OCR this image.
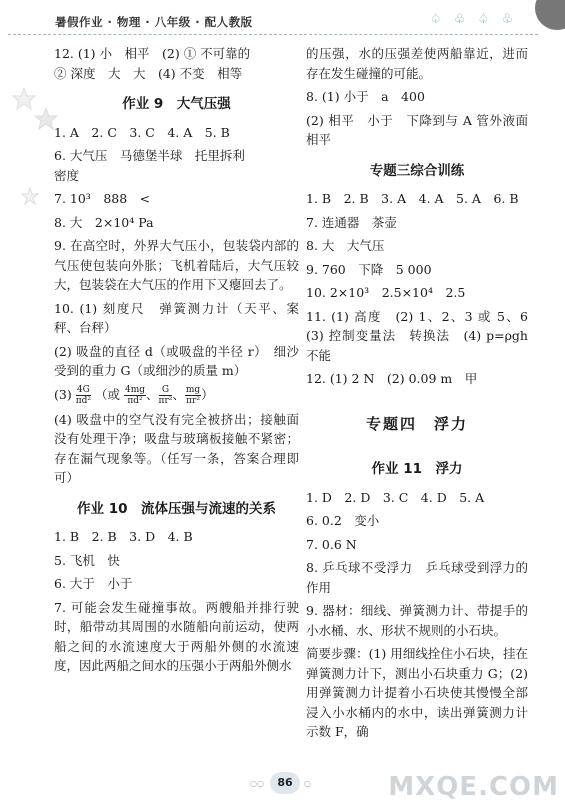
暑假作业 · 物理 · 八年级 · 配人教版	♤ ♧ ♤ ♧
12. (1) 小　相平　(2) ① 不可靠的
② 深度　大　大　(4) 不变　相等
作业 9　大气压强
1. A　2. C　3. C　4. A　5. B
6. 大气压　马德堡半球　托里拆利
密度
7. 10³　888　<
8. 大　2×10⁴ Pa
9. 在高空时，外界大气压小，包装袋内部的气压使包装向外胀；飞机着陆后，大气压较大，包装袋在大气压的作用下又瘪回去了。
10. (1) 刻度尺　弹簧测力计（天平、案秤、台秤）
(2) 吸盘的直径 d（或吸盘的半径 r）　细沙受到的重力 G（或细沙的质量 m）
$(3) \frac{4G}{\text{πd²}}$ （或 $\frac{4mg}{\text{πd²}}$ 、 $\frac{G}{\text{πr²}}$ 、 $\frac{mg}{\text{πr²}}$ ）
(4) 吸盘中的空气没有完全被挤出；接触面没有处理干净；吸盘与玻璃板接触不紧密；存在漏气现象等。（任写一条，答案合理即可）
作业 10　流体压强与流速的关系
1. B　2. B　3. D　4. B
5. 飞机　快
6. 大于　小于
7. 可能会发生碰撞事故。两艘船并排行驶时，船带动其周围的水随船向前运动，使两船之间的水流速度大于两船外侧的水流速度，因此两船之间水的压强小于两船外侧水
的压强，水的压强差使两船靠近，进而存在发生碰撞的可能。
8. (1) 小于　a　400
(2) 相平　小于　下降到与 A 管外液面相平
专题三综合训练
1. B　2. B　3. A　4. A　5. A　6. B
7. 连通器　茶壶
8. 大　大气压
9. 760　下降　5 000
10. 2×10³　2.5×10⁴　2.5
11. (1) 高度　(2) 1、2、3 或 5、6　(3) 控制变量法　转换法　(4) p=ρgh　不能
12. (1) 2 N　(2) 0.09 m　甲
专题四　浮力
作业 11　浮力
1. D　2. D　3. C　4. D　5. A
6. 0.2　变小
7. 0.6 N
8. 乒乓球不受浮力　乒乓球受到浮力的作用
9. 器材：细线、弹簧测力计、带提手的小水桶、水、形状不规则的小石块。
简要步骤：(1) 用细线拴住小石块，挂在弹簧测力计下，测出小石块重力 G；(2) 用弹簧测力计提着小石块使其慢慢全部浸入小水桶内的水中，读出弹簧测力计示数 F，确
○○	86	○	MXQE.COM
